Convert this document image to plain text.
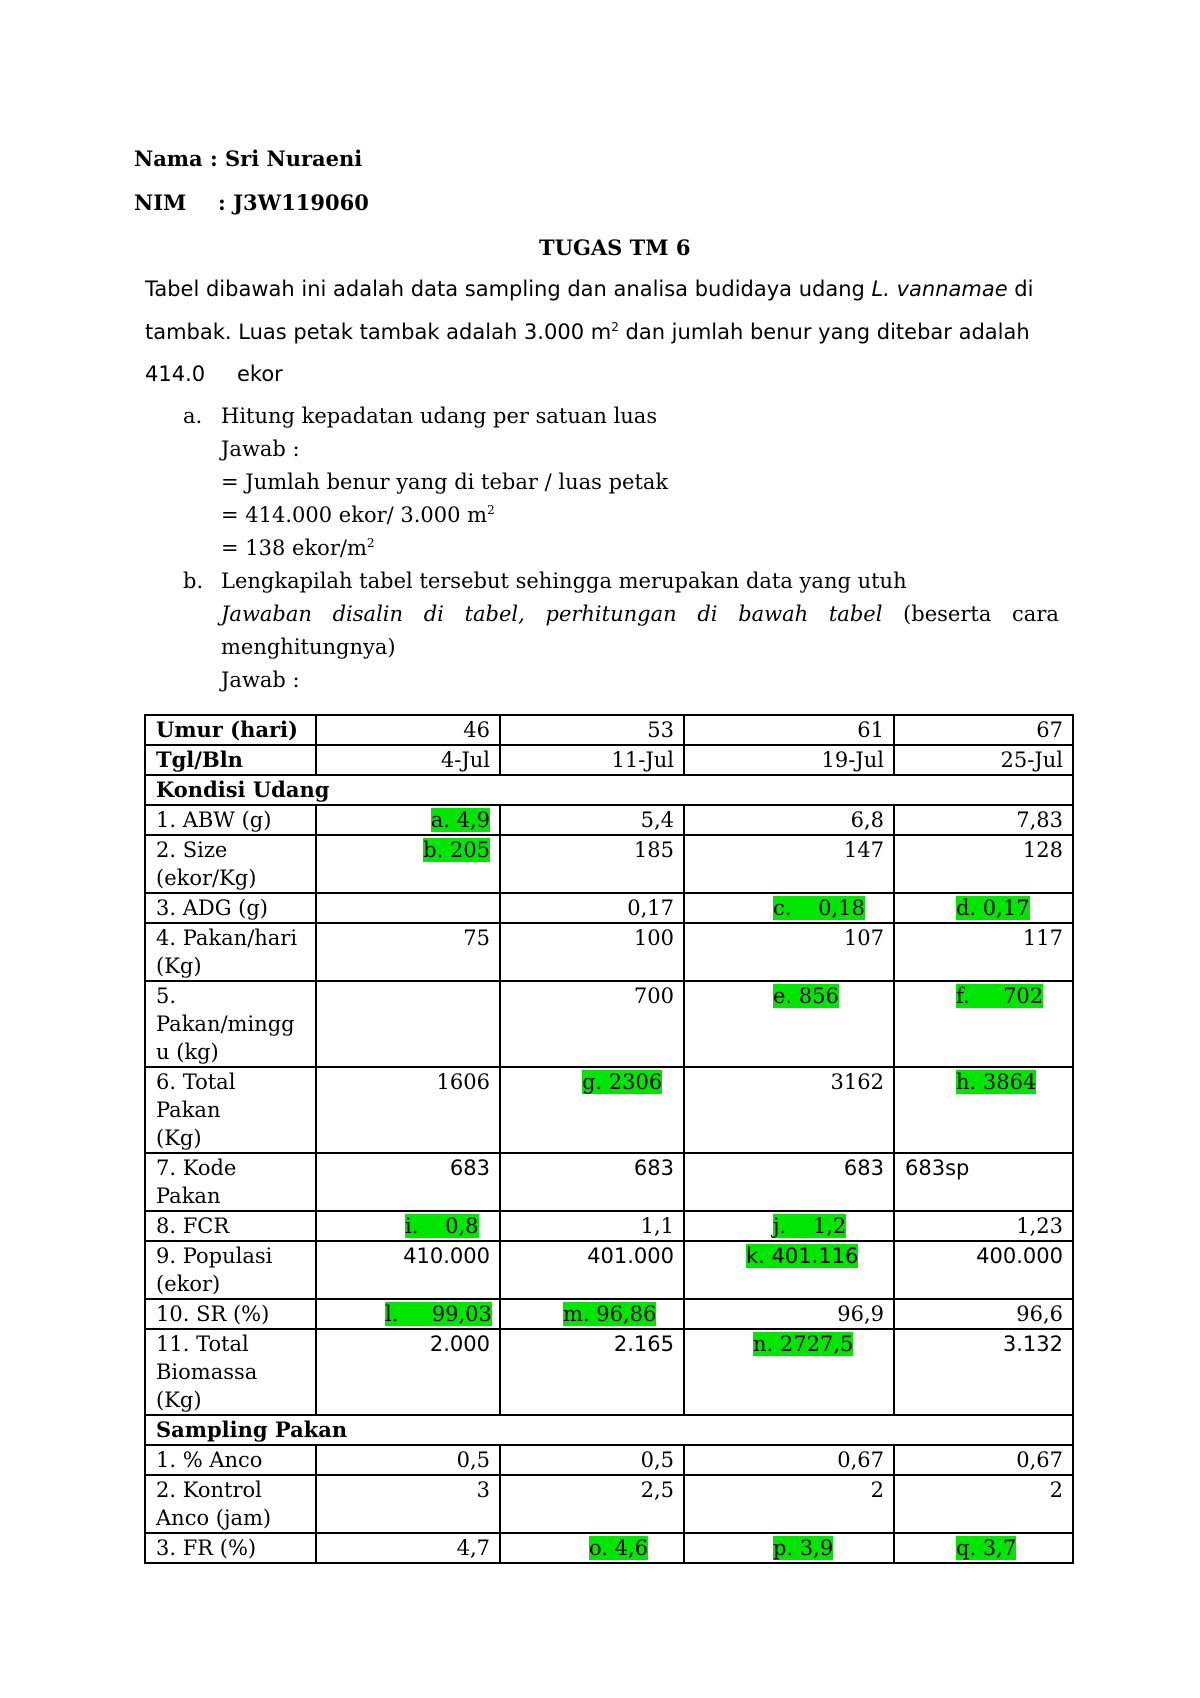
Nama : Sri Nuraeni
NIM : J3W119060
TUGAS TM 6
Tabel dibawah ini adalah data sampling dan analisa budidaya udang L. vannamae di
tambak. Luas petak tambak adalah 3.000 $m^2$ dan jumlah benur yang ditebar adalah
414.0 ekor
a. Hitung kepadatan udang per satuan luas
Jawab :
= Jumlah benur yang di tebar / luas petak
= 414.000 ekor/ 3.000 $m^2$
= 138 ekor/$m^2$
b. Lengkapilah tabel tersebut sehingga merupakan data yang utuh
Jawaban disalin di tabel, perhitungan di bawah tabel (beserta cara
menghitungnya)
Jawab :
Umur (hari)	46	53	61	67
Tgl/Bln	4-Jul	11-Jul	19-Jul	25-Jul
Kondisi Udang				
1. ABW (g)	a. 4,9	5,4	6,8	7,83
2. Size
(ekor/Kg)	b. 205	185	147	128
3. ADG (g)		0,17	c.    0,18	d. 0,17
4. Pakan/hari
(Kg)	75	100	107	117
5.
Pakan/mingg
u (kg)		700	e. 856	f.     702
6. Total Pakan
(Kg)	1606	g. 2306	3162	h. 3864
7. Kode Pakan	683	683	683	683sp
8. FCR	i.    0,8	1,1	j.    1,2	1,23
9. Populasi
(ekor)	410.000	401.000	k. 401.116	400.000
10. SR (%)	l.     99,03	m. 96,86	96,9	96,6
11. Total
Biomassa
(Kg)	2.000	2.165	n. 2727,5	3.132
Sampling Pakan				
1. % Anco	0,5	0,5	0,67	0,67
2. Kontrol
Anco (jam)	3	2,5	2	2
3. FR (%)	4,7	o. 4,6	p. 3,9	q. 3,7
